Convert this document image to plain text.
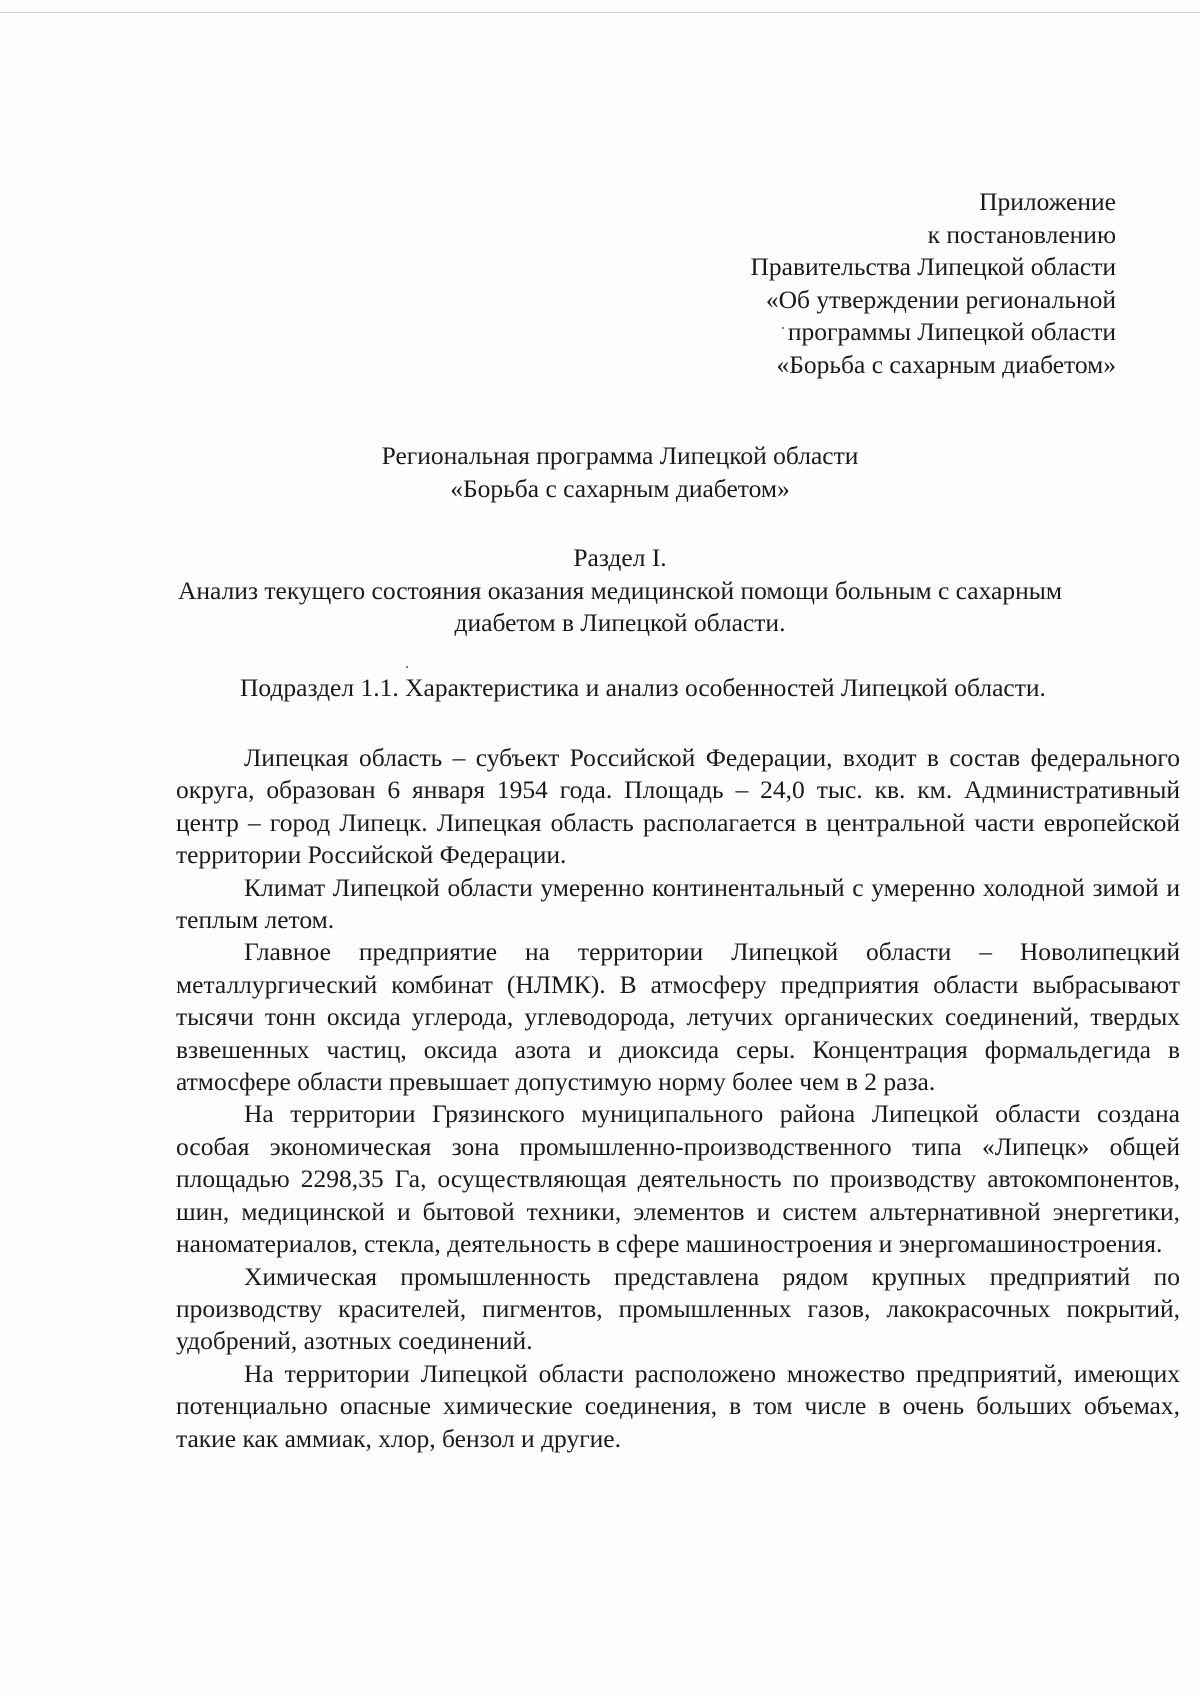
Приложение
к постановлению
Правительства Липецкой области
«Об утверждении региональной
программы Липецкой области
«Борьба с сахарным диабетом»
Региональная программа Липецкой области
«Борьба с сахарным диабетом»
Раздел I.
Анализ текущего состояния оказания медицинской помощи больным с сахарным
диабетом в Липецкой области.
Подраздел 1.1. Характеристика и анализ особенностей Липецкой области.

Липецкая область – субъект Российской Федерации, входит в состав федерального округа, образован 6 января 1954 года. Площадь – 24,0 тыс. кв. км. Административный центр – город Липецк. Липецкая область располагается в центральной части европейской территории Российской Федерации.

Климат Липецкой области умеренно континентальный с умеренно холодной зимой и теплым летом.

Главное предприятие на территории Липецкой области – Новолипецкий металлургический комбинат (НЛМК). В атмосферу предприятия области выбрасывают тысячи тонн оксида углерода, углеводорода, летучих органических соединений, твердых взвешенных частиц, оксида азота и диоксида серы. Концентрация формальдегида в атмосфере области превышает допустимую норму более чем в 2 раза.

На территории Грязинского муниципального района Липецкой области создана особая экономическая зона промышленно-производственного типа «Липецк» общей площадью 2298,35 Га, осуществляющая деятельность по производству автокомпонентов, шин, медицинской и бытовой техники, элементов и систем альтернативной энергетики, наноматериалов, стекла, деятельность в сфере машиностроения и энергомашиностроения.

Химическая промышленность представлена рядом крупных предприятий по производству красителей, пигментов, промышленных газов, лакокрасочных покрытий, удобрений, азотных соединений.

На территории Липецкой области расположено множество предприятий, имеющих потенциально опасные химические соединения, в том числе в очень больших объемах, такие как аммиак, хлор, бензол и другие.
